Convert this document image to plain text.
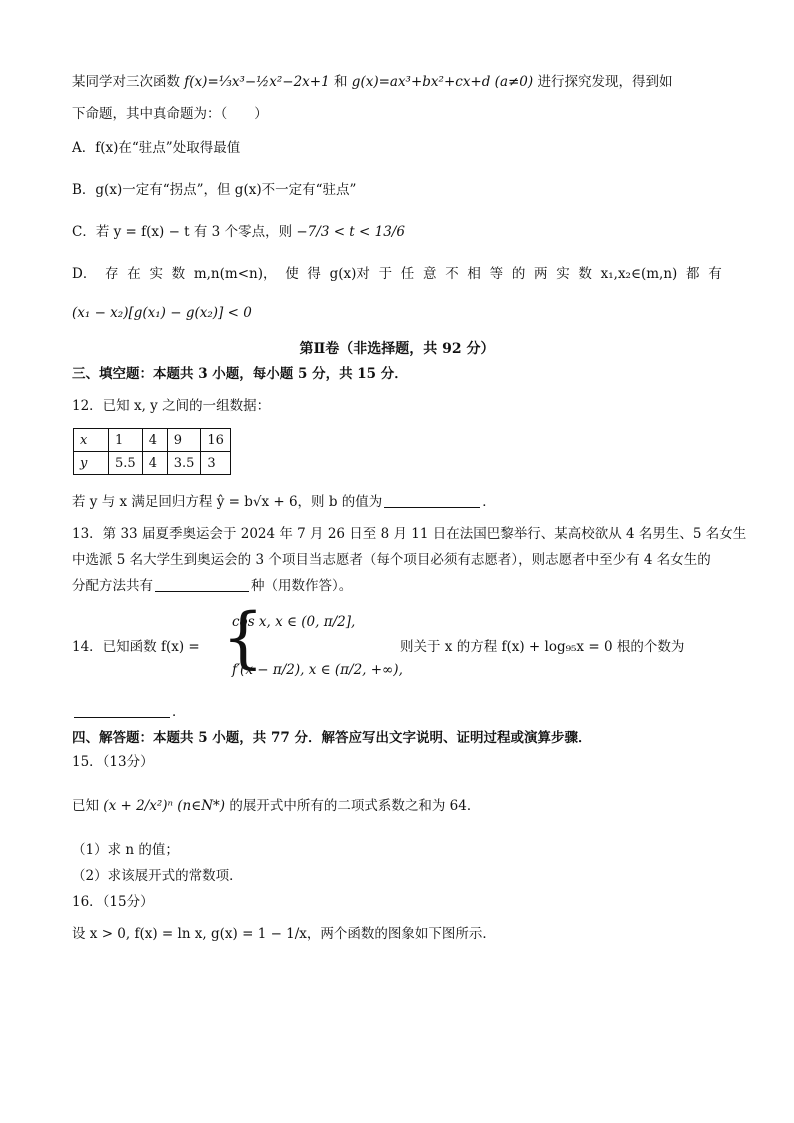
某同学对三次函数 f(x)=⅓x³−½x²−2x+1 和 g(x)=ax³+bx²+cx+d (a≠0) 进行探究发现，得到如
下命题，其中真命题为：（　　）
A．f(x)在“驻点”处取得最值
B．g(x)一定有“拐点”，但 g(x)不一定有“驻点”
C．若 y = f(x) − t 有 3 个零点，则 −7/3 < t < 13/6
D． 存 在 实 数 m,n(m<n)， 使 得 g(x)对 于 任 意 不 相 等 的 两 实 数 x₁,x₂∈(m,n) 都 有
(x₁ − x₂)[g(x₁) − g(x₂)] < 0
第Ⅱ卷（非选择题，共 92 分）
三、填空题：本题共 3 小题，每小题 5 分，共 15 分．
12．已知 x, y 之间的一组数据：
x	1	4	9	16
y	5.5	4	3.5	3
若 y 与 x 满足回归方程 ŷ = b√x + 6，则 b 的值为	．
13．第 33 届夏季奥运会于 2024 年 7 月 26 日至 8 月 11 日在法国巴黎举行、某高校欲从 4 名男生、5 名女生
中选派 5 名大学生到奥运会的 3 个项目当志愿者（每个项目必须有志愿者），则志愿者中至少有 4 名女生的
分配方法共有	种（用数作答）。
14．已知函数 f(x) = {
cos x, x ∈ (0, π/2],
f′(x − π/2), x ∈ (π/2, +∞),
则关于 x 的方程 f(x) + log₉₅x = 0 根的个数为
．
四、解答题：本题共 5 小题，共 77 分．解答应写出文字说明、证明过程或演算步骤．
15．（13分）
已知 (x + 2/x²)ⁿ (n∈N*) 的展开式中所有的二项式系数之和为 64．
（1）求 n 的值；
（2）求该展开式的常数项．
16．（15分）
设 x > 0, f(x) = ln x, g(x) = 1 − 1/x，两个函数的图象如下图所示．
